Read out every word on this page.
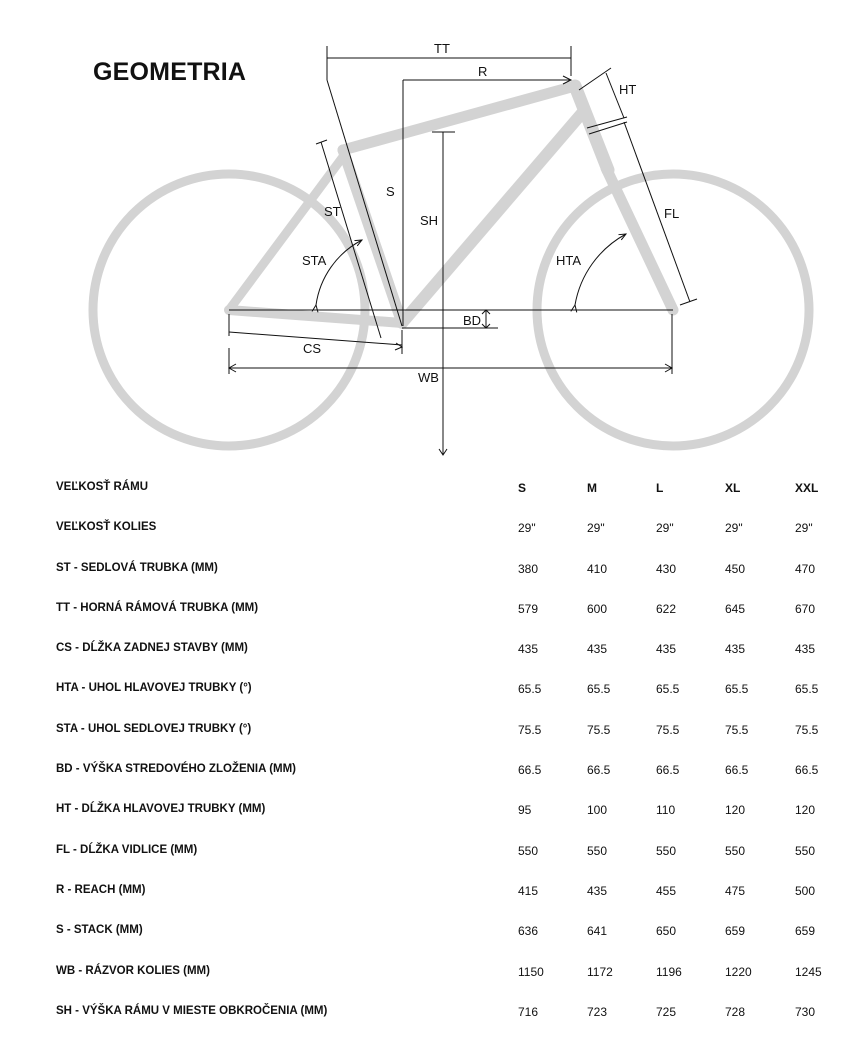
GEOMETRIA
TT
R
HT
S
ST
SH	FL
STA	HTA
BD
CS
WB
VEĽKOSŤ RÁMU	S	M	L	XL	XXL
VEĽKOSŤ KOLIES	29"	29"	29"	29"	29"
ST - SEDLOVÁ TRUBKA (MM)	380	410	430	450	470
TT - HORNÁ RÁMOVÁ TRUBKA (MM)	579	600	622	645	670
CS - DĹŽKA ZADNEJ STAVBY (MM)	435	435	435	435	435
HTA - UHOL HLAVOVEJ TRUBKY (°)	65.5	65.5	65.5	65.5	65.5
STA - UHOL SEDLOVEJ TRUBKY (°)	75.5	75.5	75.5	75.5	75.5
BD - VÝŠKA STREDOVÉHO ZLOŽENIA (MM)	66.5	66.5	66.5	66.5	66.5
HT - DĹŽKA HLAVOVEJ TRUBKY (MM)	95	100	110	120	120
FL - DĹŽKA VIDLICE (MM)	550	550	550	550	550
R - REACH (MM)	415	435	455	475	500
S - STACK (MM)	636	641	650	659	659
WB - RÁZVOR KOLIES (MM)	1150	1172	1196	1220	1245
SH - VÝŠKA RÁMU V MIESTE OBKROČENIA (MM)	716	723	725	728	730
